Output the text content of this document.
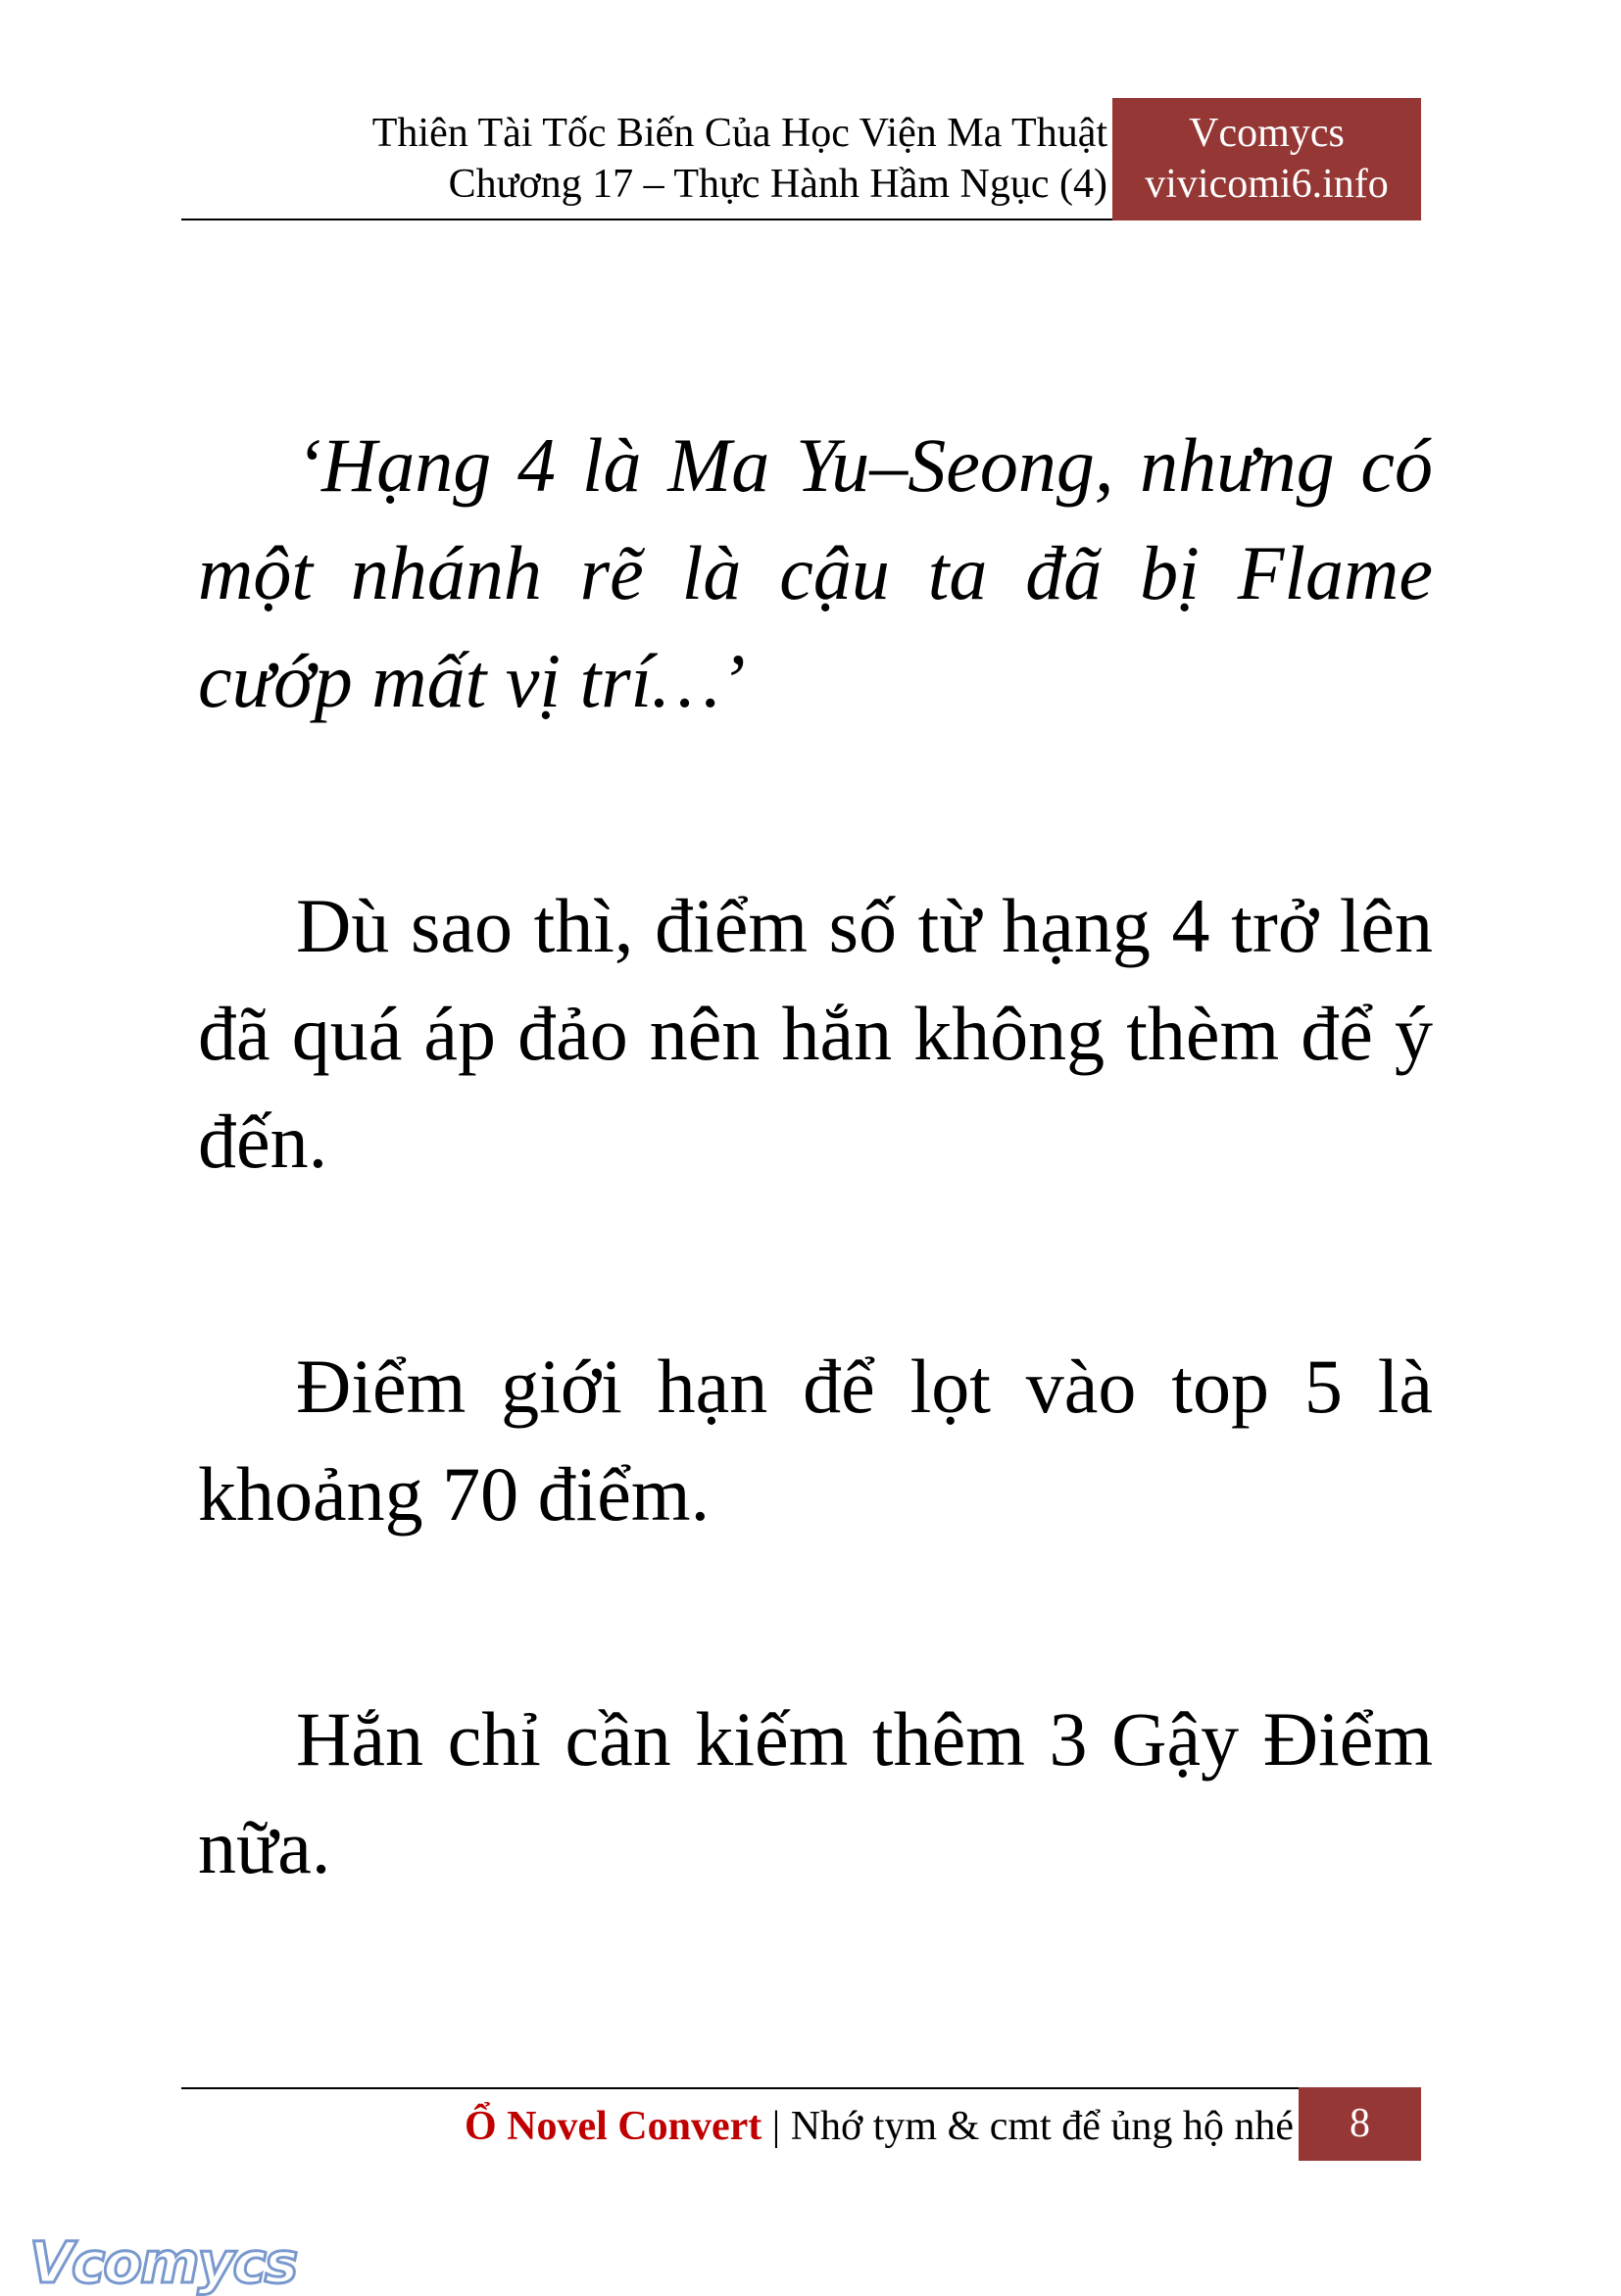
Thiên Tài Tốc Biến Của Học Viện Ma Thuật
Chương 17 – Thực Hành Hầm Ngục (4)
Vcomycs
vivicomi6.info

‘Hạng 4 là Ma Yu–Seong, nhưng có một nhánh rẽ là cậu ta đã bị Flame cướp mất vị trí…’

Dù sao thì, điểm số từ hạng 4 trở lên đã quá áp đảo nên hắn không thèm để ý đến.

Điểm giới hạn để lọt vào top 5 là khoảng 70 điểm.

Hắn chỉ cần kiếm thêm 3 Gậy Điểm nữa.

Ổ Novel Convert | Nhớ tym & cmt để ủng hộ nhé	8
Vcomycs
